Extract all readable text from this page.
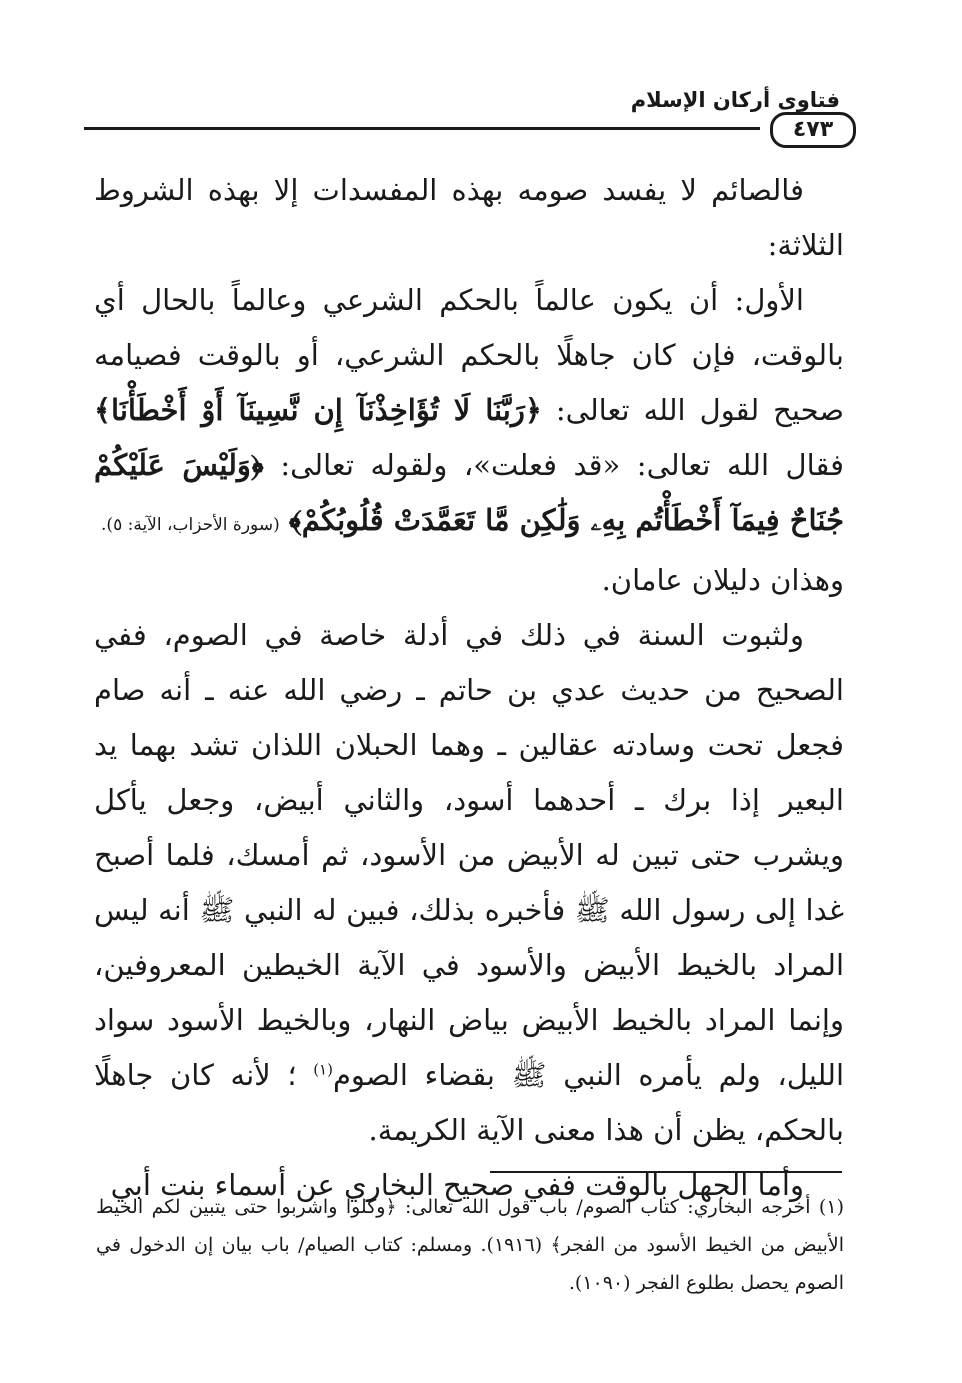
فتاوى أركان الإسلام
٤٧٣

فالصائم لا يفسد صومه بهذه المفسدات إلا بهذه الشروط الثلاثة:

الأول: أن يكون عالماً بالحكم الشرعي وعالماً بالحال أي بالوقت، فإن كان جاهلًا بالحكم الشرعي، أو بالوقت فصيامه صحيح لقول الله تعالى: ﴿رَبَّنَا لَا تُؤَاخِذْنَآ إِن نَّسِينَآ أَوْ أَخْطَأْنَا﴾ فقال الله تعالى: «قد فعلت»، ولقوله تعالى: ﴿وَلَيْسَ عَلَيْكُمْ جُنَاحٌ فِيمَآ أَخْطَأْتُم بِهِۦ وَلَٰكِن مَّا تَعَمَّدَتْ قُلُوبُكُمْ﴾ (سورة الأحزاب، الآية: ٥).

وهذان دليلان عامان.

ولثبوت السنة في ذلك في أدلة خاصة في الصوم، ففي الصحيح من حديث عدي بن حاتم ـ رضي الله عنه ـ أنه صام فجعل تحت وسادته عقالين ـ وهما الحبلان اللذان تشد بهما يد البعير إذا برك ـ أحدهما أسود، والثاني أبيض، وجعل يأكل ويشرب حتى تبين له الأبيض من الأسود، ثم أمسك، فلما أصبح غدا إلى رسول الله ﷺ فأخبره بذلك، فبين له النبي ﷺ أنه ليس المراد بالخيط الأبيض والأسود في الآية الخيطين المعروفين، وإنما المراد بالخيط الأبيض بياض النهار، وبالخيط الأسود سواد الليل، ولم يأمره النبي ﷺ بقضاء الصوم$^{(١)}$ ؛ لأنه كان جاهلًا بالحكم، يظن أن هذا معنى الآية الكريمة.

وأما الجهل بالوقت ففي صحيح البخاري عن أسماء بنت أبي

(١) أخرجه البخاري: كتاب الصوم/ باب قول الله تعالى: ﴿وكلوا واشربوا حتى يتبين لكم الخيط الأبيض من الخيط الأسود من الفجر﴾ (١٩١٦). ومسلم: كتاب الصيام/ باب بيان إن الدخول في الصوم يحصل بطلوع الفجر (١٠٩٠).
